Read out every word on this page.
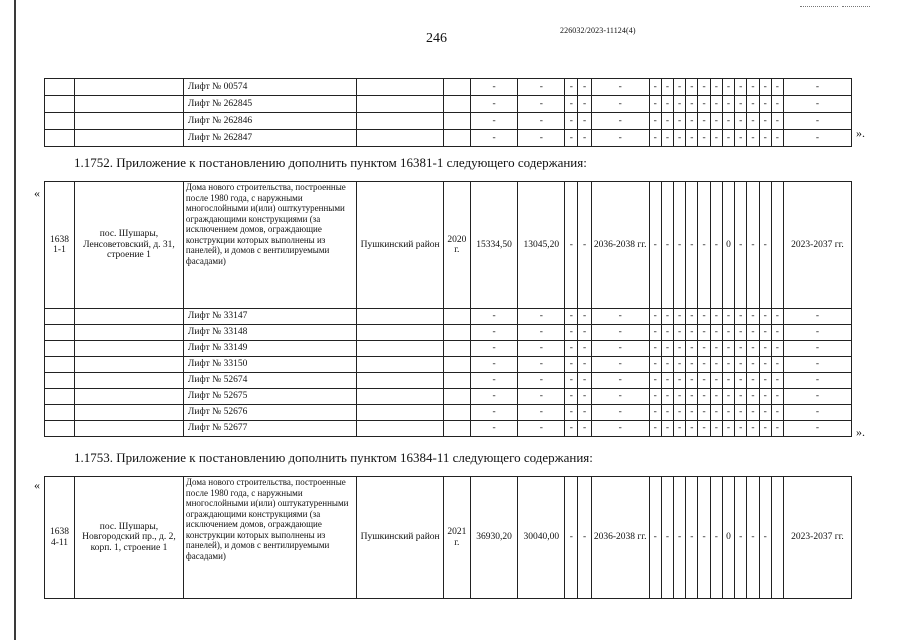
226032/2023-11124(4)
246
		Лифт № 00574			-	-	-	-	-	-	-	-	-	-	-	-	-	-	-	-	-
		Лифт № 262845			-	-	-	-	-	-	-	-	-	-	-	-	-	-	-	-	-
		Лифт № 262846			-	-	-	-	-	-	-	-	-	-	-	-	-	-	-	-	-
		Лифт № 262847			-	-	-	-	-	-	-	-	-	-	-	-	-	-	-	-	-	».
1.1752. Приложение к постановлению дополнить пунктом 16381-1 следующего содержания:
«
1638 1-1	пос. Шушары, Ленсоветовский, д. 31, строение 1	Дома нового строительства, построенные после 1980 года, с наружными многослойными и(или) ошткутуренными ограждающими конструкциями (за исключением домов, ограждающие конструкции которых выполнены из панелей), и домов с вентилируемыми фасадами)	Пушкинский район	2020 г.	15334,50	13045,20	-	-	2036-2038 гг.	-	-	-	-	-	-	0	-	-	-		2023-2037 гг.
		Лифт № 33147			-	-	-	-	-	-	-	-	-	-	-	-	-	-	-	-	-
		Лифт № 33148			-	-	-	-	-	-	-	-	-	-	-	-	-	-	-	-	-
		Лифт № 33149			-	-	-	-	-	-	-	-	-	-	-	-	-	-	-	-	-
		Лифт № 33150			-	-	-	-	-	-	-	-	-	-	-	-	-	-	-	-	-
		Лифт № 52674			-	-	-	-	-	-	-	-	-	-	-	-	-	-	-	-	-
		Лифт № 52675			-	-	-	-	-	-	-	-	-	-	-	-	-	-	-	-	-
		Лифт № 52676			-	-	-	-	-	-	-	-	-	-	-	-	-	-	-	-	-
		Лифт № 52677			-	-	-	-	-	-	-	-	-	-	-	-	-	-	-	-	-	».
1.1753. Приложение к постановлению дополнить пунктом 16384-11 следующего содержания:
«
1638 4-11	пос. Шушары, Новгородский пр., д. 2, корп. 1, строение 1	Дома нового строительства, построенные после 1980 года, с наружными многослойными и(или) оштукатуренными ограждающими конструкциями (за исключением домов, ограждающие конструкции которых выполнены из панелей), и домов с вентилируемыми фасадами)	Пушкинский район	2021 г.	36930,20	30040,00	-	-	2036-2038 гг.	-	-	-	-	-	-	0	-	-	-		2023-2037 гг.
